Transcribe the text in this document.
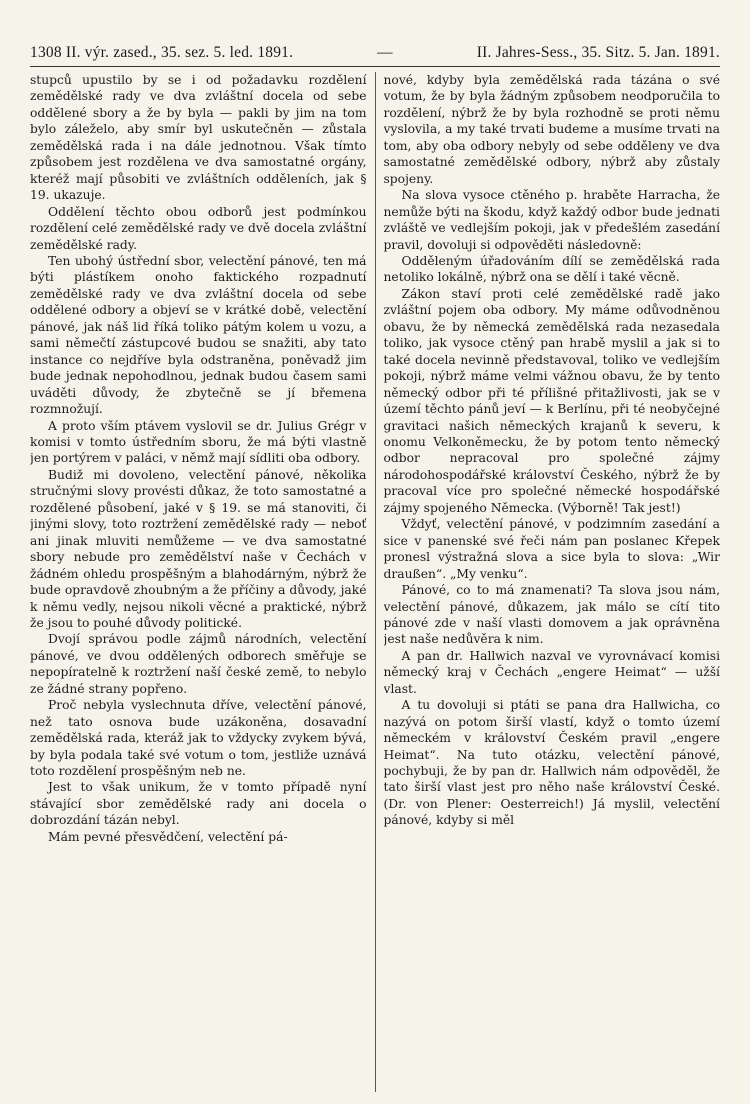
1308 II. výr. zased., 35. sez. 5. led. 1891.	—	II. Jahres-Sess., 35. Sitz. 5. Jan. 1891.

stupců upustilo by se i od požadavku rozdělení zemědělské rady ve dva zvláštní docela od sebe oddělené sbory a že by byla — pakli by jim na tom bylo záleželo, aby smír byl uskutečněn — zůstala zemědělská rada i na dále jednotnou. Však tímto způsobem jest rozdělena ve dva samostatné orgány, kteréž mají působiti ve zvláštních odděleních, jak § 19. ukazuje.

Oddělení těchto obou odborů jest podmínkou rozdělení celé zemědělské rady ve dvě docela zvláštní zemědělské rady.

Ten ubohý ústřední sbor, velectění pánové, ten má býti plástíkem onoho faktického rozpadnutí zemědělské rady ve dva zvláštní docela od sebe oddělené odbory a objeví se v krátké době, velectění pánové, jak náš lid říká toliko pátým kolem u vozu, a sami němečtí zástupcové budou se snažiti, aby tato instance co nejdříve byla odstraněna, poněvadž jim bude jednak nepohodlnou, jednak budou časem sami uváděti důvody, že zbytečně se jí břemena rozmnožují.

A proto vším ptávem vyslovil se dr. Julius Grégr v komisi v tomto ústředním sboru, že má býti vlastně jen portýrem v paláci, v němž mají sídliti oba odbory.

Budiž mi dovoleno, velectění pánové, několika stručnými slovy provésti důkaz, že toto samostatné a rozdělené působení, jaké v § 19. se má stanoviti, či jinými slovy, toto roztržení zemědělské rady — neboť ani jinak mluviti nemůžeme — ve dva samostatné sbory nebude pro zemědělství naše v Čechách v žádném ohledu prospěšným a blahodárným, nýbrž že bude opravdově zhoubným a že příčiny a důvody, jaké k němu vedly, nejsou nikoli věcné a praktické, nýbrž že jsou to pouhé důvody politické.

Dvojí správou podle zájmů národních, velectění pánové, ve dvou oddělených odborech směřuje se nepopíratelně k roztržení naší české země, to nebylo ze žádné strany popřeno.

Proč nebyla vyslechnuta dříve, velectění pánové, než tato osnova bude uzákoněna, dosavadní zemědělská rada, kteráž jak to vždycky zvykem bývá, by byla podala také své votum o tom, jestliže uznává toto rozdělení prospěšným neb ne.

Jest to však unikum, že v tomto případě nyní stávající sbor zemědělské rady ani docela o dobrozdání tázán nebyl.

Mám pevné přesvědčení, velectění pá-

nové, kdyby byla zemědělská rada tázána o své votum, že by byla žádným způsobem neodporučila to rozdělení, nýbrž že by byla rozhodně se proti němu vyslovila, a my také trvati budeme a musíme trvati na tom, aby oba odbory nebyly od sebe odděleny ve dva samostatné zemědělské odbory, nýbrž aby zůstaly spojeny.

Na slova vysoce ctěného p. hraběte Harracha, že nemůže býti na škodu, když každý odbor bude jednati zvláště ve vedlejším pokoji, jak v předešlém zasedání pravil, dovoluji si odpověděti následovně:

Odděleným úřadováním dílí se zemědělská rada netoliko lokálně, nýbrž ona se dělí i také věcně.

Zákon staví proti celé zemědělské radě jako zvláštní pojem oba odbory. My máme odůvodněnou obavu, že by německá zemědělská rada nezasedala toliko, jak vysoce ctěný pan hrabě myslil a jak si to také docela nevinně představoval, toliko ve vedlejším pokoji, nýbrž máme velmi vážnou obavu, že by tento německý odbor při té přílišné přitažlivosti, jak se v území těchto pánů jeví — k Berlínu, při té neobyčejné gravitaci našich německých krajanů k severu, k onomu Velkoněmecku, že by potom tento německý odbor nepracoval pro společné zájmy národohospodářské království Českého, nýbrž že by pracoval více pro společné německé hospodářské zájmy spojeného Německa. (Výborně! Tak jest!)

Vždyť, velectění pánové, v podzimním zasedání a sice v panenské své řeči nám pan poslanec Křepek pronesl výstražná slova a sice byla to slova: „Wir draußen“. „My venku“.

Pánové, co to má znamenati? Ta slova jsou nám, velectění pánové, důkazem, jak málo se cítí tito pánové zde v naší vlasti domovem a jak oprávněna jest naše nedůvěra k nim.

A pan dr. Hallwich nazval ve vyrovnávací komisi německý kraj v Čechách „engere Heimat“ — užší vlast.

A tu dovoluji si ptáti se pana dra Hallwicha, co nazývá on potom širší vlastí, když o tomto území německém v království Českém pravil „engere Heimat“. Na tuto otázku, velectění pánové, pochybuji, že by pan dr. Hallwich nám odpověděl, že tato širší vlast jest pro něho naše království České. (Dr. von Plener: Oesterreich!) Já myslil, velectění pánové, kdyby si měl
